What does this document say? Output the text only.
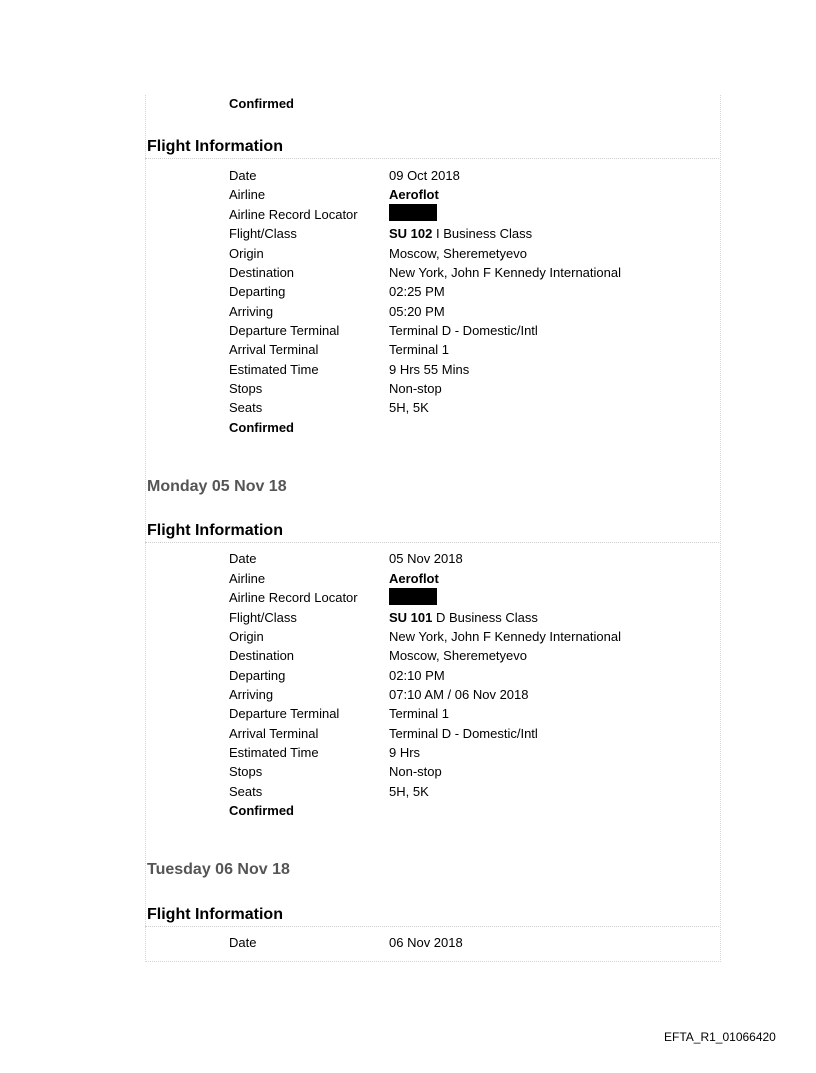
Confirmed
Flight Information
Date	09 Oct 2018
Airline	Aeroflot
Airline Record Locator
Flight/Class	SU 102 I Business Class
Origin	Moscow, Sheremetyevo
Destination	New York, John F Kennedy International
Departing	02:25 PM
Arriving	05:20 PM
Departure Terminal	Terminal D - Domestic/Intl
Arrival Terminal	Terminal 1
Estimated Time	9 Hrs 55 Mins
Stops	Non-stop
Seats	5H, 5K
Confirmed
Monday 05 Nov 18
Flight Information
Date	05 Nov 2018
Airline	Aeroflot
Airline Record Locator
Flight/Class	SU 101 D Business Class
Origin	New York, John F Kennedy International
Destination	Moscow, Sheremetyevo
Departing	02:10 PM
Arriving	07:10 AM / 06 Nov 2018
Departure Terminal	Terminal 1
Arrival Terminal	Terminal D - Domestic/Intl
Estimated Time	9 Hrs
Stops	Non-stop
Seats	5H, 5K
Confirmed
Tuesday 06 Nov 18
Flight Information
Date	06 Nov 2018
EFTA_R1_01066420
